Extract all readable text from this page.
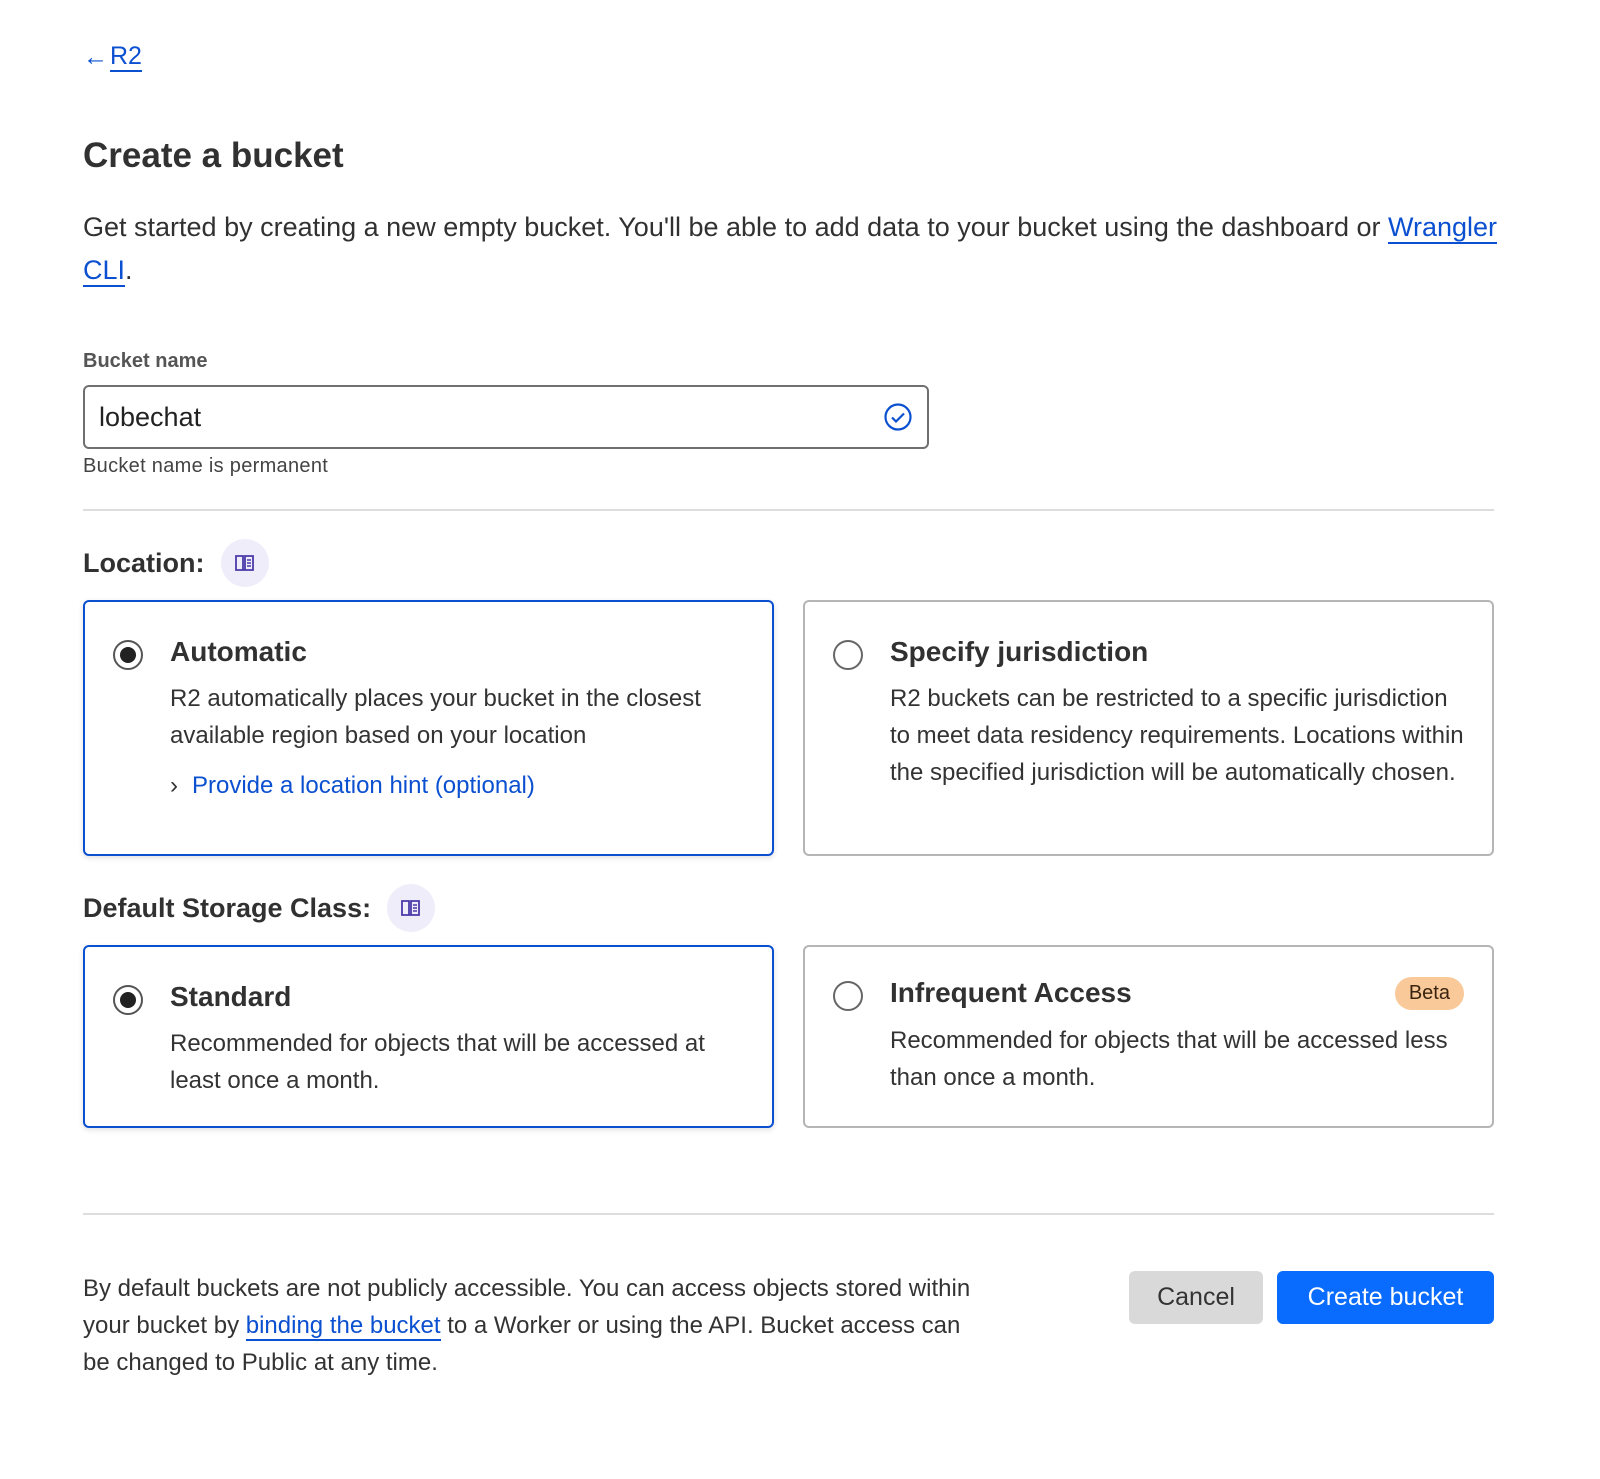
← R2
Create a bucket

Get started by creating a new empty bucket. You'll be able to add data to your bucket using the dashboard or Wrangler CLI.

Bucket name
lobechat
Bucket name is permanent
Location:
Automatic
R2 automatically places your bucket in the closest available region based on your location
› Provide a location hint (optional)
Specify jurisdiction
R2 buckets can be restricted to a specific jurisdiction to meet data residency requirements. Locations within the specified jurisdiction will be automatically chosen.
Default Storage Class:
Standard
Recommended for objects that will be accessed at least once a month.
Infrequent Access	Beta
Recommended for objects that will be accessed less than once a month.

By default buckets are not publicly accessible. You can access objects stored within your bucket by binding the bucket to a Worker or using the API. Bucket access can be changed to Public at any time.

Cancel	Create bucket
